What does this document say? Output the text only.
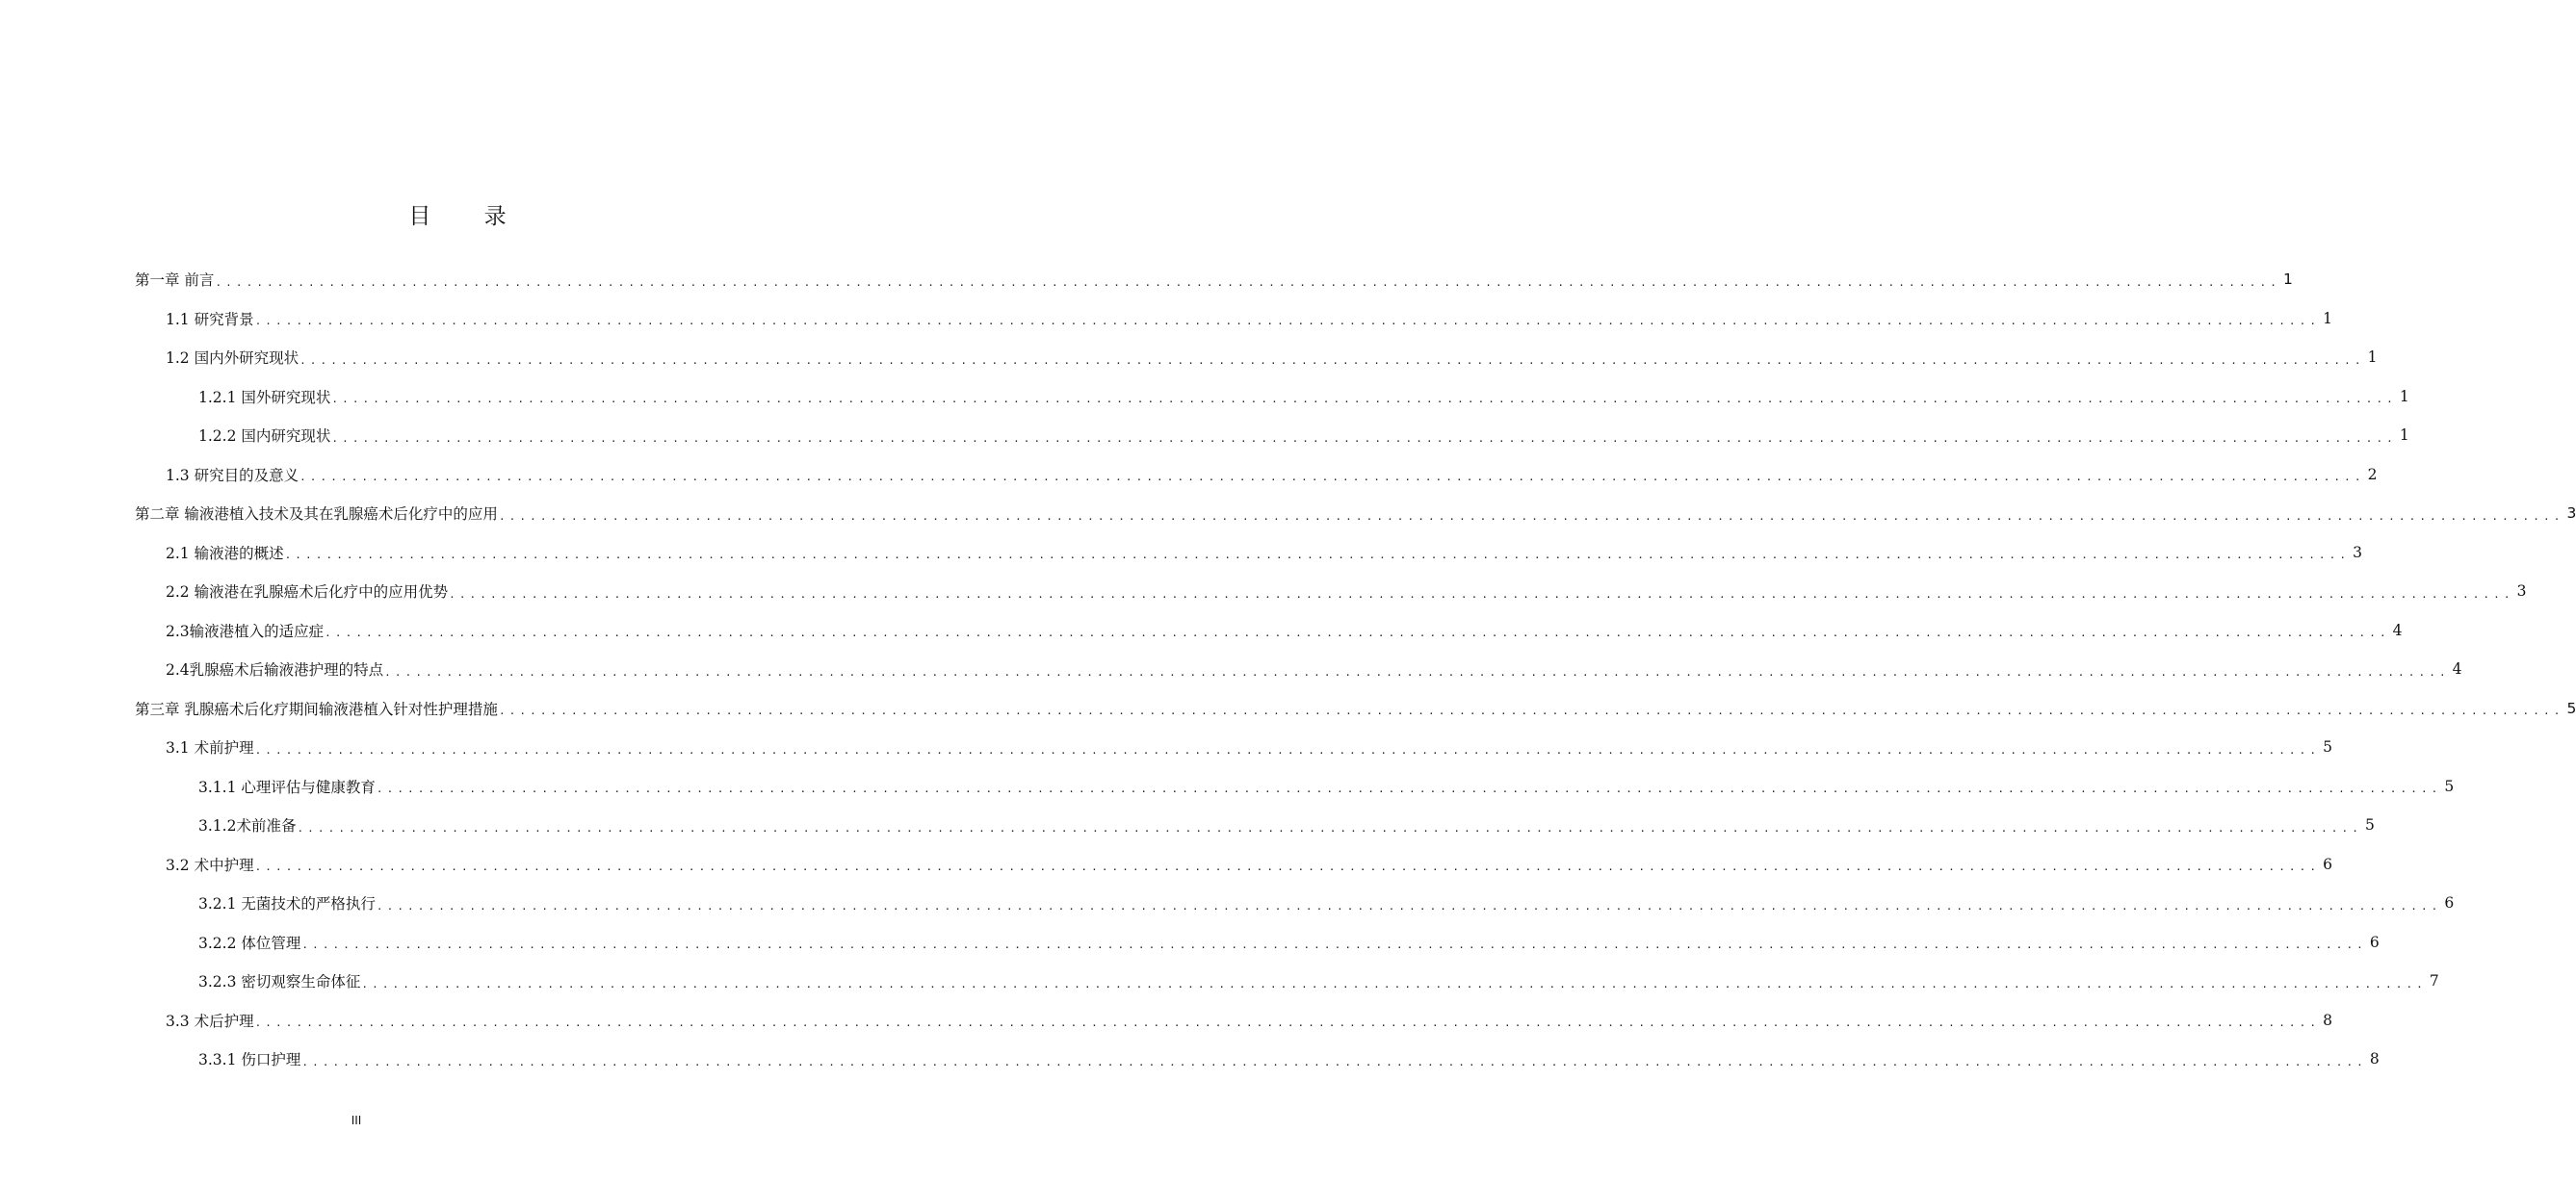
目 录
第一章 前言 ........................................................................................................................................................................................................ 1
1.1 研究背景 ........................................................................................................................................................................................................ 1
1.2 国内外研究现状 ........................................................................................................................................................................................................ 1
1.2.1 国外研究现状 ........................................................................................................................................................................................................ 1
1.2.2 国内研究现状 ........................................................................................................................................................................................................ 1
1.3 研究目的及意义 ........................................................................................................................................................................................................ 2
第二章 输液港植入技术及其在乳腺癌术后化疗中的应用 ........................................................................................................................................................................................................ 3
2.1 输液港的概述 ........................................................................................................................................................................................................ 3
2.2 输液港在乳腺癌术后化疗中的应用优势 ........................................................................................................................................................................................................ 3
2.3输液港植入的适应症 ........................................................................................................................................................................................................ 4
2.4乳腺癌术后输液港护理的特点 ........................................................................................................................................................................................................ 4
第三章 乳腺癌术后化疗期间输液港植入针对性护理措施 ........................................................................................................................................................................................................ 5
3.1 术前护理 ........................................................................................................................................................................................................ 5
3.1.1 心理评估与健康教育 ........................................................................................................................................................................................................ 5
3.1.2术前准备 ........................................................................................................................................................................................................ 5
3.2 术中护理 ........................................................................................................................................................................................................ 6
3.2.1 无菌技术的严格执行 ........................................................................................................................................................................................................ 6
3.2.2 体位管理 ........................................................................................................................................................................................................ 6
3.2.3 密切观察生命体征 ........................................................................................................................................................................................................ 7
3.3 术后护理 ........................................................................................................................................................................................................ 8
3.3.1 伤口护理 ........................................................................................................................................................................................................ 8
III
